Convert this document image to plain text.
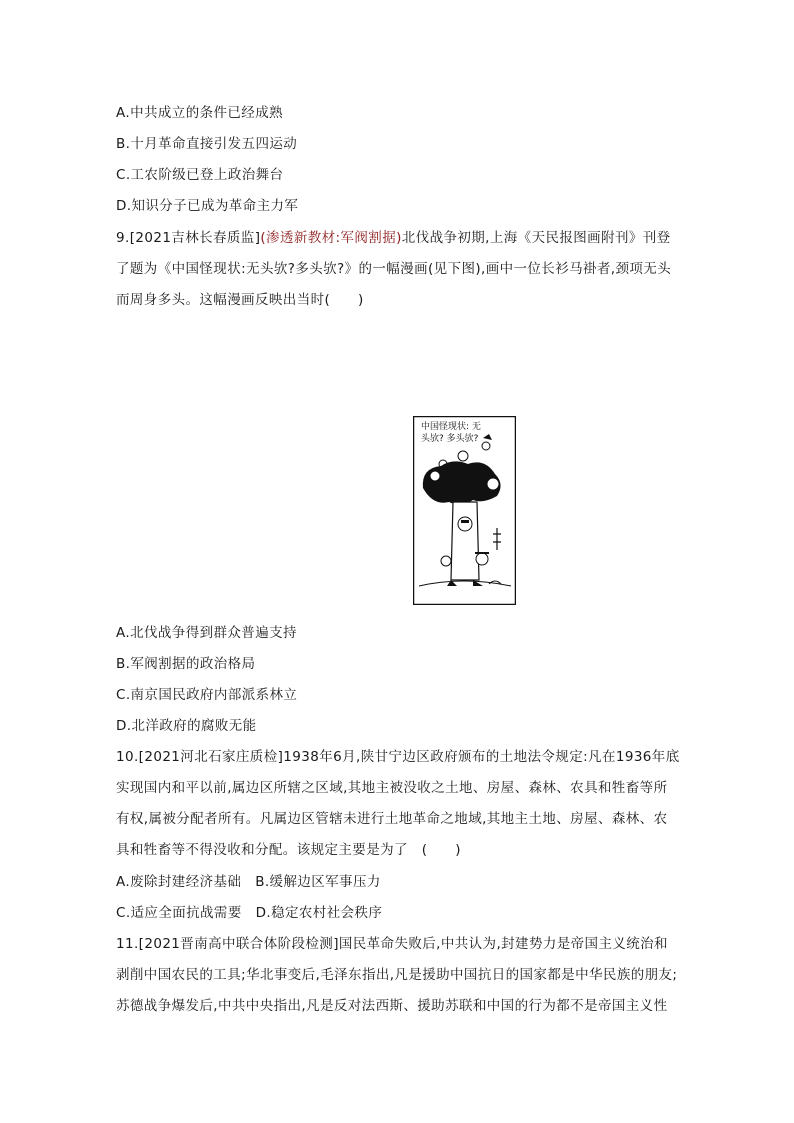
A.中共成立的条件已经成熟
B.十月革命直接引发五四运动
C.工农阶级已登上政治舞台
D.知识分子已成为革命主力军
9.[2021吉林长春质监](渗透新教材:军阀割据)北伐战争初期,上海《天民报图画附刊》刊登
了题为《中国怪现状:无头欤?多头欤?》的一幅漫画(见下图),画中一位长衫马褂者,颈项无头
而周身多头。这幅漫画反映出当时(　　)
中国怪现状: 无
头欤? 多头欤?
A.北伐战争得到群众普遍支持
B.军阀割据的政治格局
C.南京国民政府内部派系林立
D.北洋政府的腐败无能
10.[2021河北石家庄质检]1938年6月,陕甘宁边区政府颁布的土地法令规定:凡在1936年底
实现国内和平以前,属边区所辖之区域,其地主被没收之土地、房屋、森林、农具和牲畜等所
有权,属被分配者所有。凡属边区管辖未进行土地革命之地域,其地主土地、房屋、森林、农
具和牲畜等不得没收和分配。该规定主要是为了　(　　)
A.废除封建经济基础　B.缓解边区军事压力
C.适应全面抗战需要　D.稳定农村社会秩序
11.[2021晋南高中联合体阶段检测]国民革命失败后,中共认为,封建势力是帝国主义统治和
剥削中国农民的工具;华北事变后,毛泽东指出,凡是援助中国抗日的国家都是中华民族的朋友;
苏德战争爆发后,中共中央指出,凡是反对法西斯、援助苏联和中国的行为都不是帝国主义性
